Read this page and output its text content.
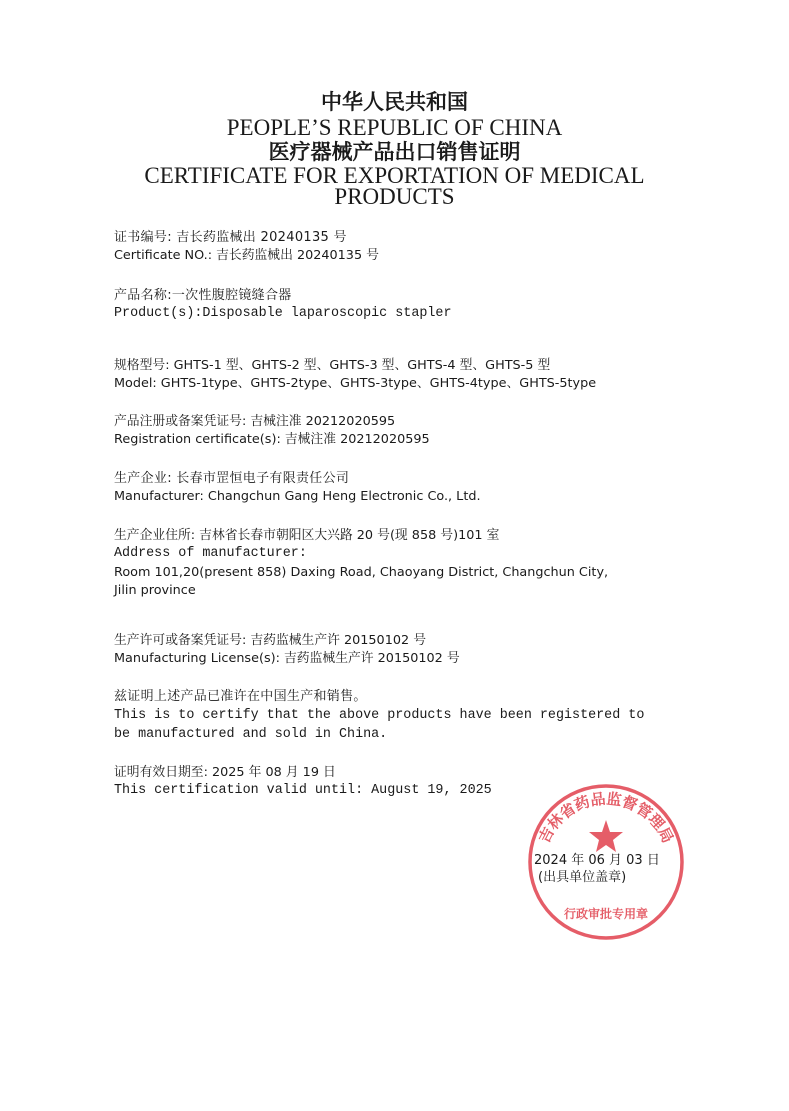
中华人民共和国
PEOPLE’S REPUBLIC OF CHINA
医疗器械产品出口销售证明
CERTIFICATE FOR EXPORTATION OF MEDICAL
PRODUCTS
证书编号: 吉长药监械出 20240135 号
Certificate NO.: 吉长药监械出 20240135 号
产品名称:一次性腹腔镜缝合器
Product(s):Disposable laparoscopic stapler
规格型号: GHTS-1 型、GHTS-2 型、GHTS-3 型、GHTS-4 型、GHTS-5 型
Model: GHTS-1type、GHTS-2type、GHTS-3type、GHTS-4type、GHTS-5type
产品注册或备案凭证号: 吉械注准 20212020595
Registration certificate(s): 吉械注准 20212020595
生产企业: 长春市罡恒电子有限责任公司
Manufacturer: Changchun Gang Heng Electronic Co., Ltd.
生产企业住所: 吉林省长春市朝阳区大兴路 20 号(现 858 号)101 室
Address of manufacturer:
Room 101,20(present 858) Daxing Road, Chaoyang District, Changchun City,
Jilin province
生产许可或备案凭证号: 吉药监械生产许 20150102 号
Manufacturing License(s): 吉药监械生产许 20150102 号
兹证明上述产品已准许在中国生产和销售。
This is to certify that the above products have been registered to
be manufactured and sold in China.
证明有效日期至: 2025 年 08 月 19 日
This certification valid until: August 19, 2025
吉林省药品监督管理局
行政审批专用章
2024 年 06 月 03 日
(出具单位盖章)
